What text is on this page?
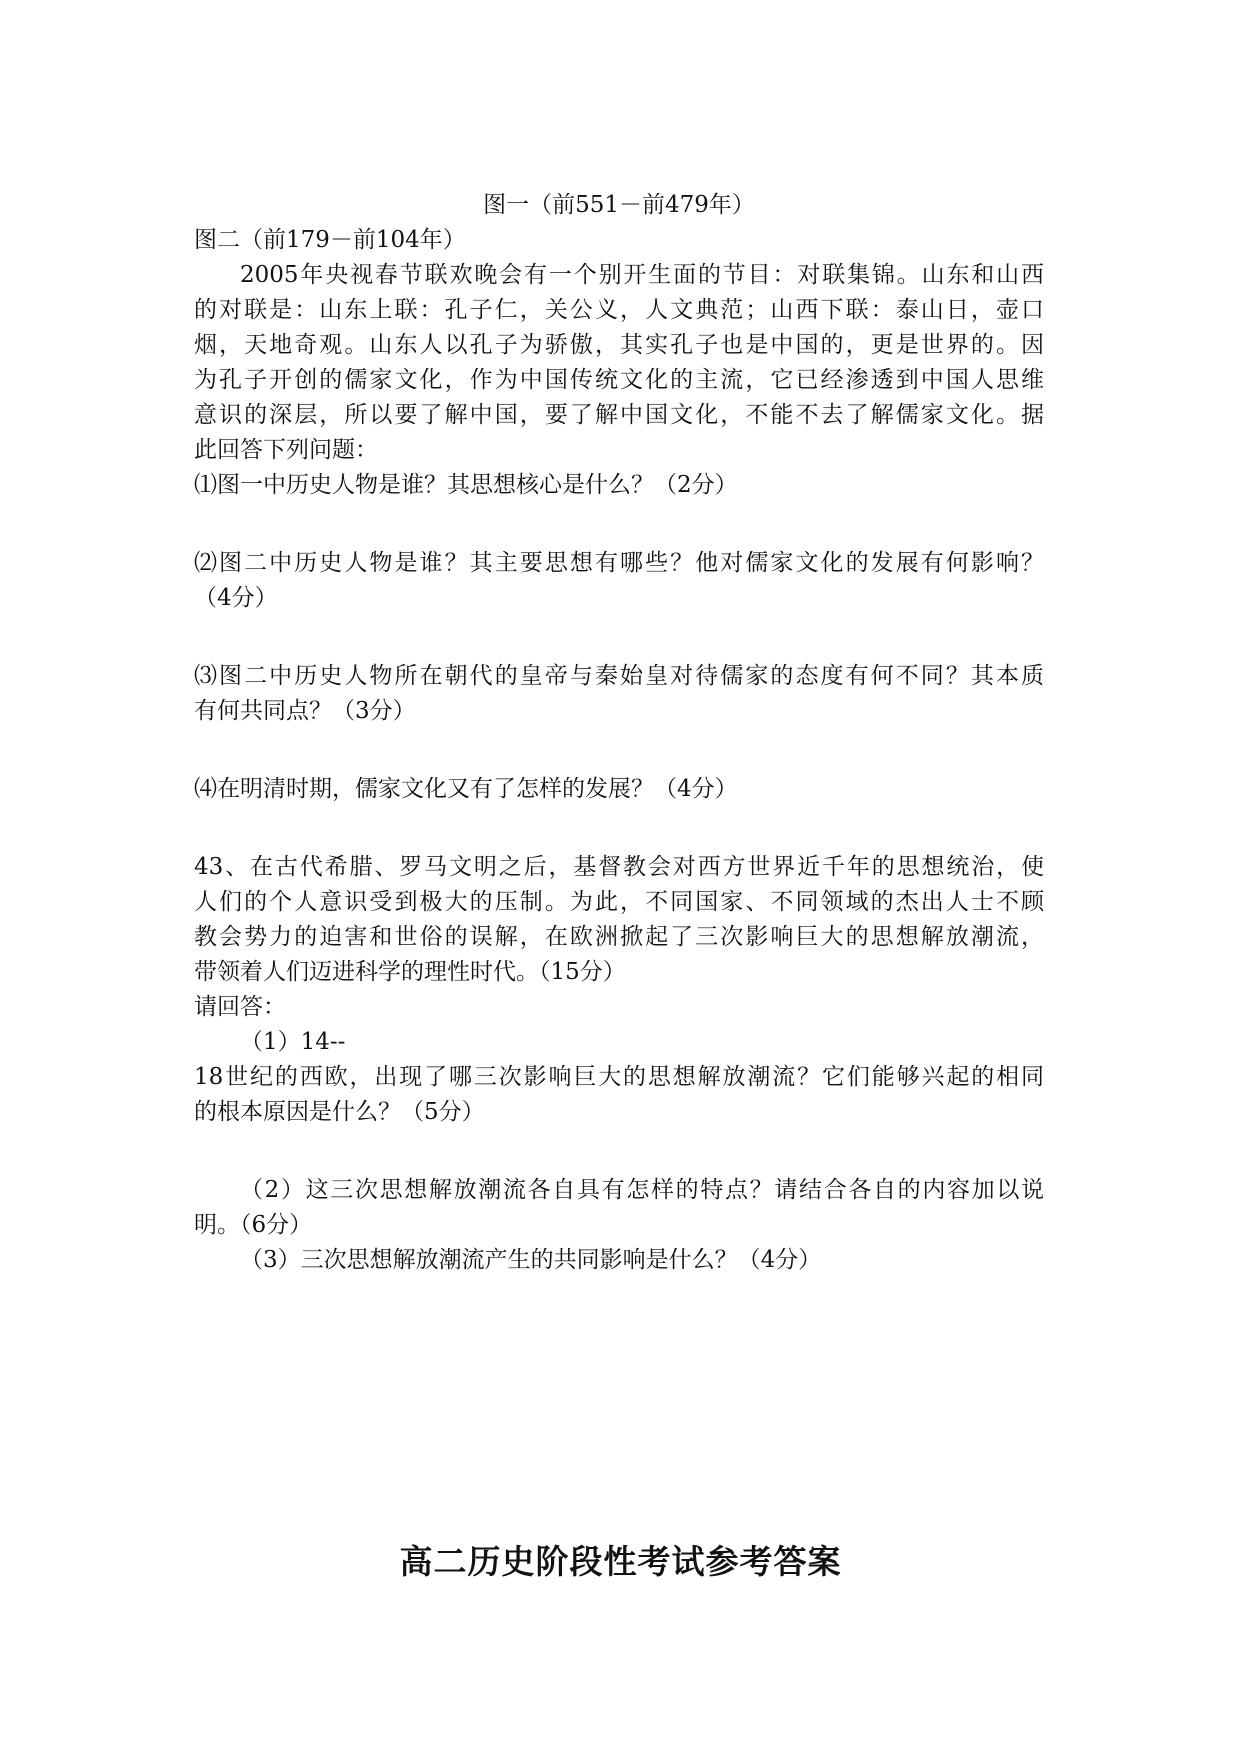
图一（前551－前479年）
图二（前179－前104年）
2005年央视春节联欢晚会有一个别开生面的节目：对联集锦。山东和山西
的对联是：山东上联：孔子仁，关公义，人文典范；山西下联：泰山日，壶口
烟，天地奇观。山东人以孔子为骄傲，其实孔子也是中国的，更是世界的。因
为孔子开创的儒家文化，作为中国传统文化的主流，它已经渗透到中国人思维
意识的深层，所以要了解中国，要了解中国文化，不能不去了解儒家文化。据
此回答下列问题：
⑴图一中历史人物是谁？其思想核心是什么？（2分）
⑵图二中历史人物是谁？其主要思想有哪些？他对儒家文化的发展有何影响？
（4分）
⑶图二中历史人物所在朝代的皇帝与秦始皇对待儒家的态度有何不同？其本质
有何共同点？（3分）
⑷在明清时期，儒家文化又有了怎样的发展？（4分）
43、在古代希腊、罗马文明之后，基督教会对西方世界近千年的思想统治，使
人们的个人意识受到极大的压制。为此，不同国家、不同领域的杰出人士不顾
教会势力的迫害和世俗的误解，在欧洲掀起了三次影响巨大的思想解放潮流，
带领着人们迈进科学的理性时代。（15分）
请回答：
（1）14--
18世纪的西欧，出现了哪三次影响巨大的思想解放潮流？它们能够兴起的相同
的根本原因是什么？（5分）
（2）这三次思想解放潮流各自具有怎样的特点？请结合各自的内容加以说
明。（6分）
（3）三次思想解放潮流产生的共同影响是什么？（4分）
高二历史阶段性考试参考答案
